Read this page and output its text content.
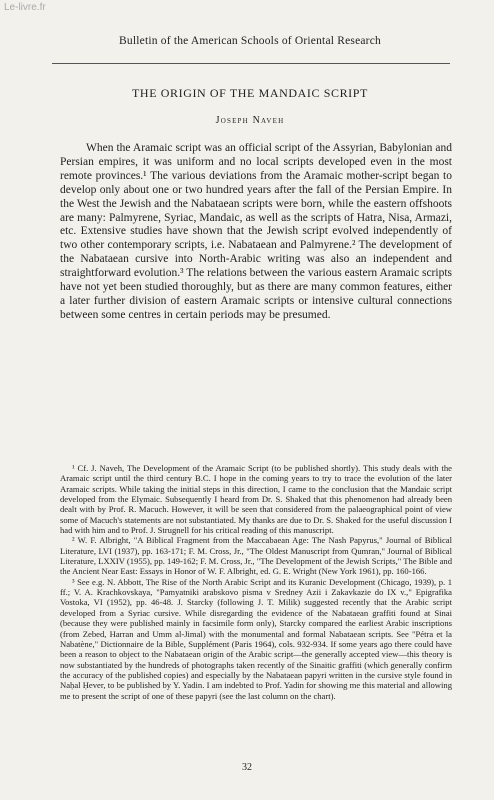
Bulletin of the American Schools of Oriental Research
THE ORIGIN OF THE MANDAIC SCRIPT
Joseph Naveh

When the Aramaic script was an official script of the Assyrian, Babylonian and Persian empires, it was uniform and no local scripts developed even in the most remote provinces.¹ The various deviations from the Aramaic mother-script began to develop only about one or two hundred years after the fall of the Persian Empire. In the West the Jewish and the Nabataean scripts were born, while the eastern offshoots are many: Palmyrene, Syriac, Mandaic, as well as the scripts of Hatra, Nisa, Armazi, etc. Extensive studies have shown that the Jewish script evolved independently of two other contemporary scripts, i.e. Nabataean and Palmyrene.² The development of the Nabataean cursive into North-Arabic writing was also an independent and straightforward evolution.³ The relations between the various eastern Aramaic scripts have not yet been studied thoroughly, but as there are many common features, either a later further division of eastern Aramaic scripts or intensive cultural connections between some centres in certain periods may be presumed.

¹ Cf. J. Naveh, The Development of the Aramaic Script (to be published shortly). This study deals with the Aramaic script until the third century B.C. I hope in the coming years to try to trace the evolution of the later Aramaic scripts. While taking the initial steps in this direction, I came to the conclusion that the Mandaic script developed from the Elymaic. Subsequently I heard from Dr. S. Shaked that this phenomenon had already been dealt with by Prof. R. Macuch. However, it will be seen that considered from the palaeographical point of view some of Macuch's statements are not substantiated. My thanks are due to Dr. S. Shaked for the useful discussion I had with him and to Prof. J. Strugnell for his critical reading of this manuscript.

² W. F. Albright, "A Biblical Fragment from the Maccabaean Age: The Nash Papyrus," Journal of Biblical Literature, LVI (1937), pp. 163-171; F. M. Cross, Jr., "The Oldest Manuscript from Qumran," Journal of Biblical Literature, LXXIV (1955), pp. 149-162; F. M. Cross, Jr., "The Development of the Jewish Scripts," The Bible and the Ancient Near East: Essays in Honor of W. F. Albright, ed. G. E. Wright (New York 1961), pp. 160-166.

³ See e.g. N. Abbott, The Rise of the North Arabic Script and its Kuranic Development (Chicago, 1939), p. 1 ff.; V. A. Krachkovskaya, "Pamyatniki arabskovo pisma v Sredney Azii i Zakavkazie do IX v.," Epigrafika Vostoka, VI (1952), pp. 46-48. J. Starcky (following J. T. Milik) suggested recently that the Arabic script developed from a Syriac cursive. While disregarding the evidence of the Nabataean graffiti found at Sinai (because they were published mainly in facsimile form only), Starcky compared the earliest Arabic inscriptions (from Zebed, Harran and Umm al-Jimal) with the monumental and formal Nabataean scripts. See "Pétra et la Nabatène," Dictionnaire de la Bible, Supplément (Paris 1964), cols. 932-934. If some years ago there could have been a reason to object to the Nabataean origin of the Arabic script—the generally accepted view—this theory is now substantiated by the hundreds of photographs taken recently of the Sinaitic graffiti (which generally confirm the accuracy of the published copies) and especially by the Nabataean papyri written in the cursive style found in Naḥal Ḥever, to be published by Y. Yadin. I am indebted to Prof. Yadin for showing me this material and allowing me to present the script of one of these papyri (see the last column on the chart).

32
Le-livre.fr
